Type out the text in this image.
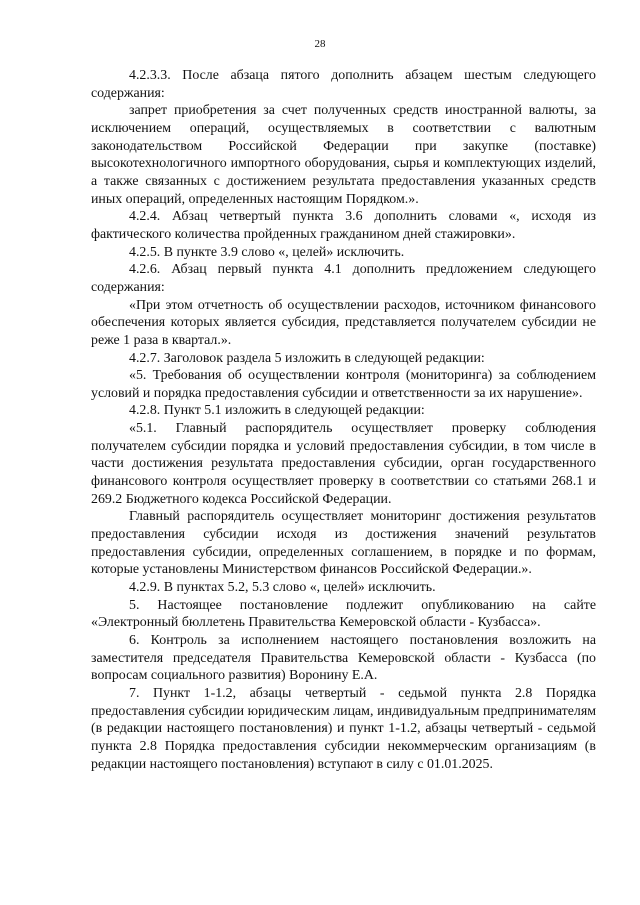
28

4.2.3.3. После абзаца пятого дополнить абзацем шестым следующего содержания:

запрет приобретения за счет полученных средств иностранной валюты, за исключением операций, осуществляемых в соответствии с валютным законодательством Российской Федерации при закупке (поставке) высокотехнологичного импортного оборудования, сырья и комплектующих изделий, а также связанных с достижением результата предоставления указанных средств иных операций, определенных настоящим Порядком.».

4.2.4. Абзац четвертый пункта 3.6 дополнить словами «, исходя из фактического количества пройденных гражданином дней стажировки».

4.2.5. В пункте 3.9 слово «, целей» исключить.

4.2.6. Абзац первый пункта 4.1 дополнить предложением следующего содержания:

«При этом отчетность об осуществлении расходов, источником финансового обеспечения которых является субсидия, представляется получателем субсидии не реже 1 раза в квартал.».

4.2.7. Заголовок раздела 5 изложить в следующей редакции:

«5. Требования об осуществлении контроля (мониторинга) за соблюдением условий и порядка предоставления субсидии и ответственности за их нарушение».

4.2.8. Пункт 5.1 изложить в следующей редакции:

«5.1. Главный распорядитель осуществляет проверку соблюдения получателем субсидии порядка и условий предоставления субсидии, в том числе в части достижения результата предоставления субсидии, орган государственного финансового контроля осуществляет проверку в соответствии со статьями 268.1 и 269.2 Бюджетного кодекса Российской Федерации.

Главный распорядитель осуществляет мониторинг достижения результатов предоставления субсидии исходя из достижения значений результатов предоставления субсидии, определенных соглашением, в порядке и по формам, которые установлены Министерством финансов Российской Федерации.».

4.2.9. В пунктах 5.2, 5.3 слово «, целей» исключить.

5. Настоящее постановление подлежит опубликованию на сайте «Электронный бюллетень Правительства Кемеровской области - Кузбасса».

6. Контроль за исполнением настоящего постановления возложить на заместителя председателя Правительства Кемеровской области - Кузбасса (по вопросам социального развития) Воронину Е.А.

7. Пункт 1-1.2, абзацы четвертый - седьмой пункта 2.8 Порядка предоставления субсидии юридическим лицам, индивидуальным предпринимателям (в редакции настоящего постановления) и пункт 1-1.2, абзацы четвертый - седьмой пункта 2.8 Порядка предоставления субсидии некоммерческим организациям (в редакции настоящего постановления) вступают в силу с 01.01.2025.
